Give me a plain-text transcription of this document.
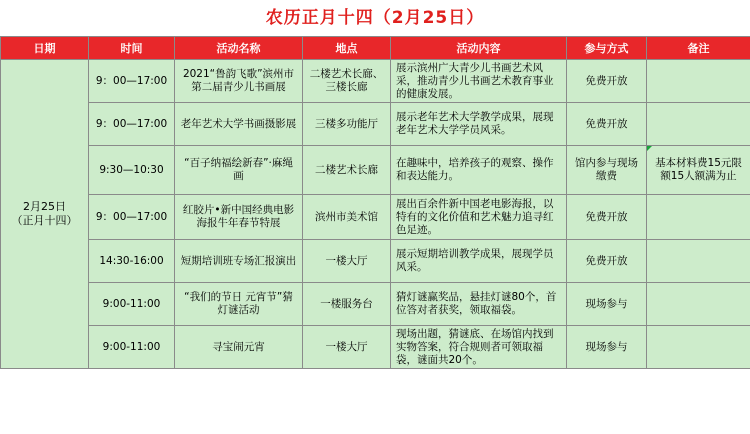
农历正月十四（2月25日）
日期	时间	活动名称	地点	活动内容	参与方式	备注

2月25日
（正月十四）	9：00—17:00	2021“鲁韵飞歌”滨州市第二届青少儿书画展	二楼艺术长廊、三楼长廊	展示滨州广大青少儿书画艺术风采，推动青少儿书画艺术教育事业的健康发展。	免费开放	
	9：00—17:00	老年艺术大学书画摄影展	三楼多功能厅	展示老年艺术大学教学成果，展现老年艺术大学学员风采。	免费开放	
	9:30—10:30	“百子纳福绘新春”·麻绳画	二楼艺术长廊	在趣味中，培养孩子的观察、操作和表达能力。	馆内参与现场缴费	基本材料费15元限额15人额满为止
	9：00—17:00	红胶片•新中国经典电影海报牛年春节特展	滨州市美术馆	展出百余件新中国老电影海报，以特有的文化价值和艺术魅力追寻红色足迹。	免费开放	
	14:30-16:00	短期培训班专场汇报演出	一楼大厅	展示短期培训教学成果，展现学员风采。	免费开放	
	9:00-11:00	“我们的节日 元宵节”猜灯谜活动	一楼服务台	猜灯谜赢奖品，悬挂灯谜80个，首位答对者获奖，领取福袋。	现场参与	
	9:00-11:00	寻宝闹元宵	一楼大厅	现场出题，猜谜底、在场馆内找到实物答案，符合规则者可领取福袋，谜面共20个。	现场参与	
